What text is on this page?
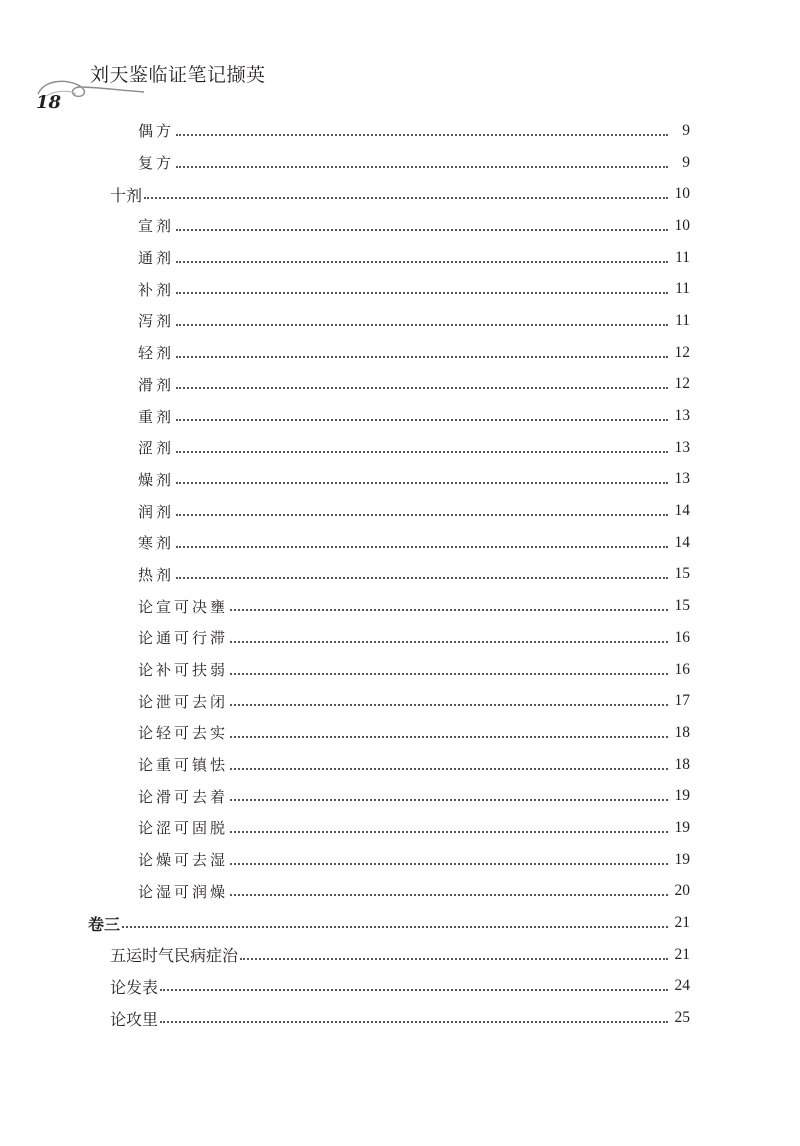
刘天鉴临证笔记撷英
18
偶方	9
复方	9
十剂	10
宣剂	10
通剂	11
补剂	11
泻剂	11
轻剂	12
滑剂	12
重剂	13
涩剂	13
燥剂	13
润剂	14
寒剂	14
热剂	15
论宣可决壅	15
论通可行滞	16
论补可扶弱	16
论泄可去闭	17
论轻可去实	18
论重可镇怯	18
论滑可去着	19
论涩可固脱	19
论燥可去湿	19
论湿可润燥	20
卷三	21
五运时气民病症治	21
论发表	24
论攻里	25
